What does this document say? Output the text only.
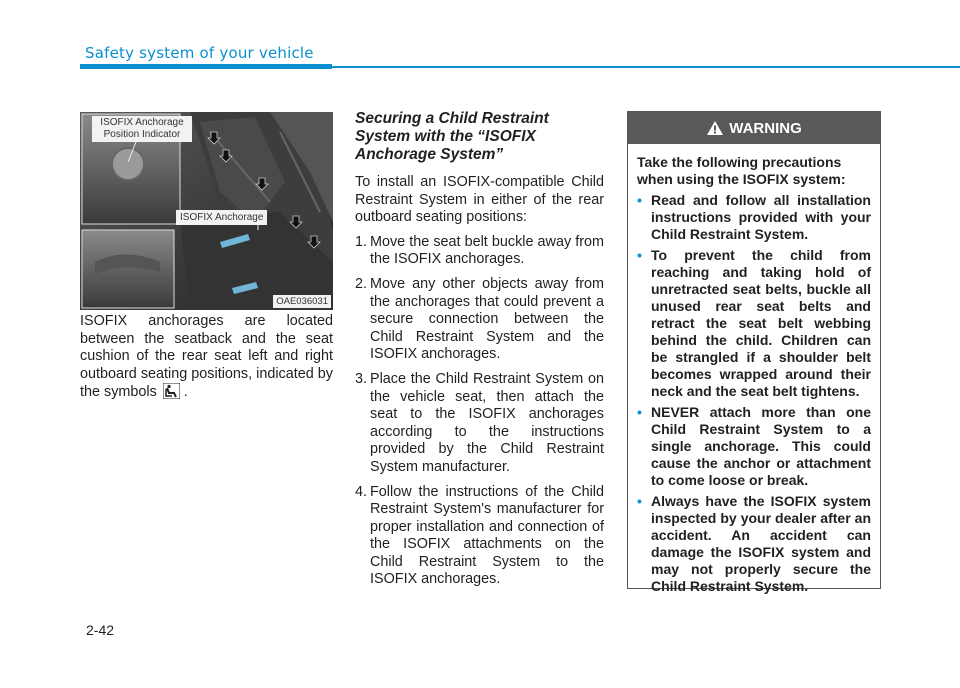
Safety system of your vehicle
ISOFIX Anchorage Position Indicator
ISOFIX Anchorage
OAE036031
ISOFIX anchorages are located between the seatback and the seat cushion of the rear seat left and right outboard seating positions, indicated by the symbols .
Securing a Child Restraint System with the “ISOFIX Anchorage System”

To install an ISOFIX-compatible Child Restraint System in either of the rear outboard seating positions:

1. Move the seat belt buckle away from the ISOFIX anchorages.
2. Move any other objects away from the anchorages that could prevent a secure connection between the Child Restraint System and the ISOFIX anchorages.
3. Place the Child Restraint System on the vehicle seat, then attach the seat to the ISOFIX anchorages according to the instructions provided by the Child Restraint System manufacturer.
4. Follow the instructions of the Child Restraint System's manufacturer for proper installation and connection of the ISOFIX attachments on the Child Restraint System to the ISOFIX anchorages.
WARNING

Take the following precautions when using the ISOFIX system:

• Read and follow all installation instructions provided with your Child Restraint System.
• To prevent the child from reaching and taking hold of unretracted seat belts, buckle all unused rear seat belts and retract the seat belt webbing behind the child. Children can be strangled if a shoulder belt becomes wrapped around their neck and the seat belt tightens.
• NEVER attach more than one Child Restraint System to a single anchorage. This could cause the anchor or attachment to come loose or break.
• Always have the ISOFIX system inspected by your dealer after an accident. An accident can damage the ISOFIX system and may not properly secure the Child Restraint System.
2-42
